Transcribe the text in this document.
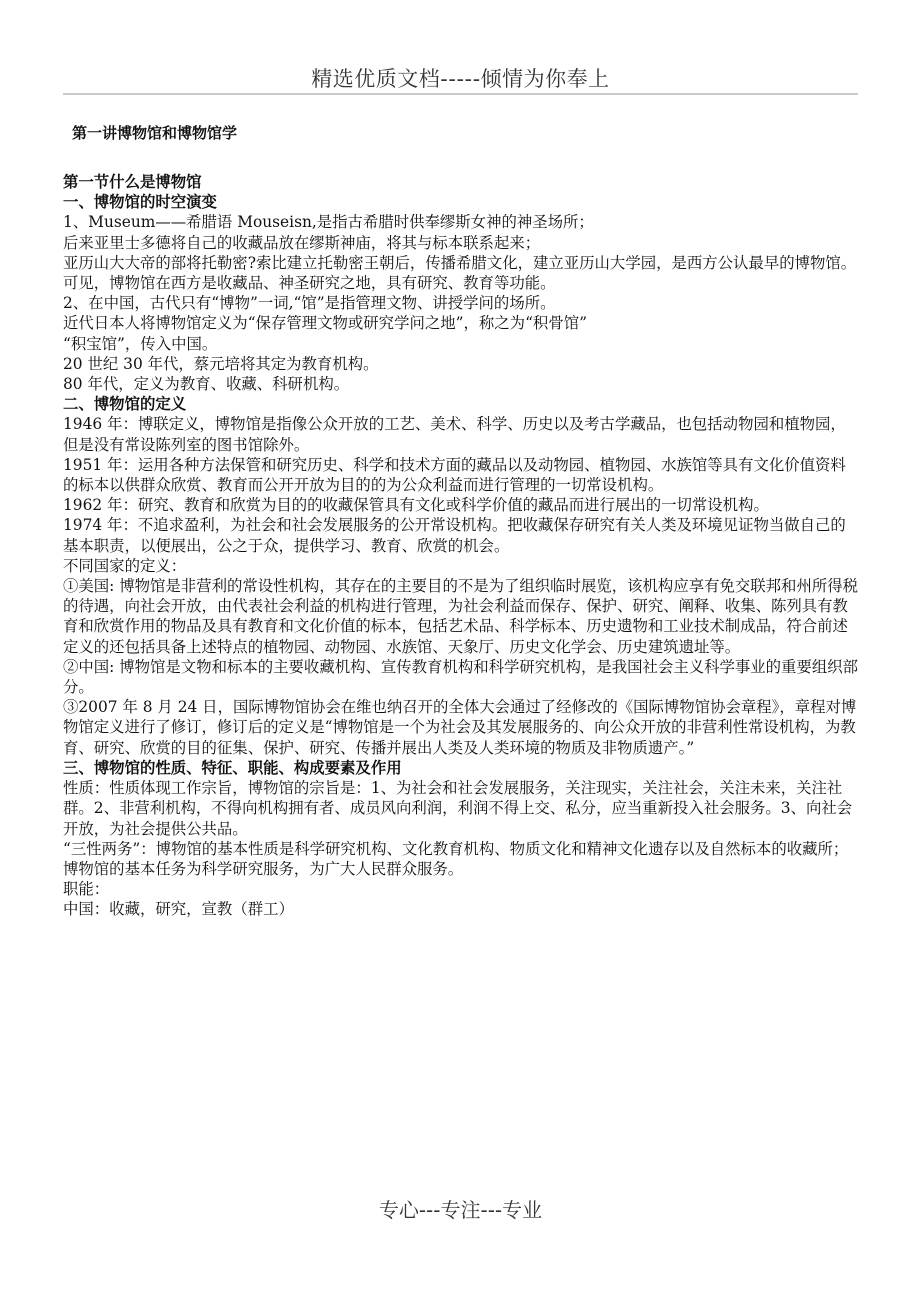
精选优质文档-----倾情为你奉上
第一讲博物馆和博物馆学

第一节什么是博物馆

一、博物馆的时空演变

1、Museum——希腊语 Mouseisn,是指古希腊时供奉缪斯女神的神圣场所；

后来亚里士多德将自己的收藏品放在缪斯神庙，将其与标本联系起来；

亚历山大大帝的部将托勒密?索比建立托勒密王朝后，传播希腊文化，建立亚历山大学园，是西方公认最早的博物馆。

可见，博物馆在西方是收藏品、神圣研究之地，具有研究、教育等功能。

2、在中国，古代只有“博物”一词,“馆”是指管理文物、讲授学问的场所。

近代日本人将博物馆定义为“保存管理文物或研究学问之地”，称之为“积骨馆”

“积宝馆”，传入中国。

20 世纪 30 年代，蔡元培将其定为教育机构。

80 年代，定义为教育、收藏、科研机构。

二、博物馆的定义

1946 年：博联定义，博物馆是指像公众开放的工艺、美术、科学、历史以及考古学藏品，也包括动物园和植物园，但是没有常设陈列室的图书馆除外。

1951 年：运用各种方法保管和研究历史、科学和技术方面的藏品以及动物园、植物园、水族馆等具有文化价值资料的标本以供群众欣赏、教育而公开开放为目的的为公众利益而进行管理的一切常设机构。

1962 年：研究、教育和欣赏为目的的收藏保管具有文化或科学价值的藏品而进行展出的一切常设机构。

1974 年：不追求盈利，为社会和社会发展服务的公开常设机构。把收藏保存研究有关人类及环境见证物当做自己的基本职责，以便展出，公之于众，提供学习、教育、欣赏的机会。

不同国家的定义：

①美国: 博物馆是非营利的常设性机构，其存在的主要目的不是为了组织临时展览，该机构应享有免交联邦和州所得税的待遇，向社会开放，由代表社会利益的机构进行管理，为社会利益而保存、保护、研究、阐释、收集、陈列具有教育和欣赏作用的物品及具有教育和文化价值的标本，包括艺术品、科学标本、历史遗物和工业技术制成品，符合前述定义的还包括具备上述特点的植物园、动物园、水族馆、天象厅、历史文化学会、历史建筑遗址等。

②中国: 博物馆是文物和标本的主要收藏机构、宣传教育机构和科学研究机构，是我国社会主义科学事业的重要组织部分。

③2007 年 8 月 24 日，国际博物馆协会在维也纳召开的全体大会通过了经修改的《国际博物馆协会章程》，章程对博物馆定义进行了修订，修订后的定义是“博物馆是一个为社会及其发展服务的、向公众开放的非营利性常设机构，为教育、研究、欣赏的目的征集、保护、研究、传播并展出人类及人类环境的物质及非物质遗产。”

三、博物馆的性质、特征、职能、构成要素及作用

性质：性质体现工作宗旨，博物馆的宗旨是：1、为社会和社会发展服务，关注现实，关注社会，关注未来，关注社群。2、非营利机构，不得向机构拥有者、成员风向利润，利润不得上交、私分，应当重新投入社会服务。3、向社会开放，为社会提供公共品。

“三性两务”：博物馆的基本性质是科学研究机构、文化教育机构、物质文化和精神文化遗存以及自然标本的收藏所；博物馆的基本任务为科学研究服务，为广大人民群众服务。

职能：

中国：收藏，研究，宣教（群工）

专心---专注---专业
